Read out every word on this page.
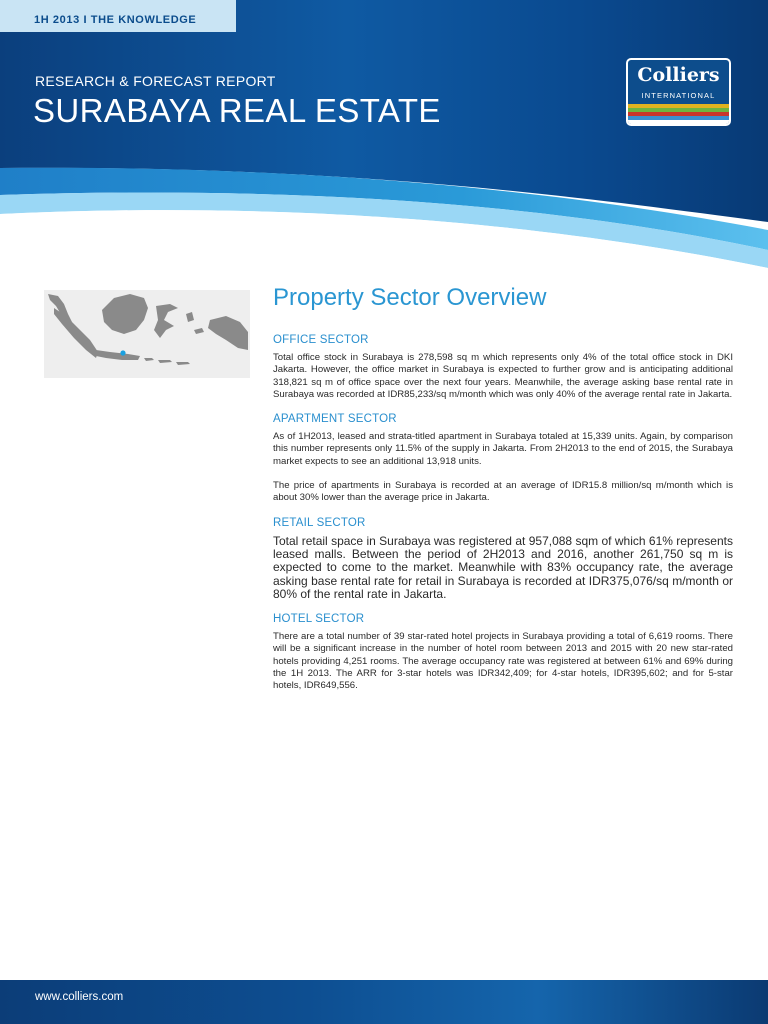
1H 2013 I THE KNOWLEDGE
RESEARCH & FORECAST REPORT
SURABAYA REAL ESTATE
Colliers
INTERNATIONAL
Property Sector Overview
OFFICE SECTOR

Total office stock in Surabaya is 278,598 sq m which represents only 4% of the total office stock in DKI Jakarta. However, the office market in Surabaya is expected to further grow and is anticipating additional 318,821 sq m of office space over the next four years. Meanwhile, the average asking base rental rate in Surabaya was recorded at IDR85,233/sq m/month which was only 40% of the average rental rate in Jakarta.

APARTMENT SECTOR

As of 1H2013, leased and strata-titled apartment in Surabaya totaled at 15,339 units. Again, by comparison this number represents only 11.5% of the supply in Jakarta. From 2H2013 to the end of 2015, the Surabaya market expects to see an additional 13,918 units.

The price of apartments in Surabaya is recorded at an average of IDR15.8 million/sq m/month which is about 30% lower than the average price in Jakarta.

RETAIL SECTOR

Total retail space in Surabaya was registered at 957,088 sqm of which 61% represents leased malls. Between the period of 2H2013 and 2016, another 261,750 sq m is expected to come to the market. Meanwhile with 83% occupancy rate, the average asking base rental rate for retail in Surabaya is recorded at IDR375,076/sq m/month or 80% of the rental rate in Jakarta.

HOTEL SECTOR

There are a total number of 39 star-rated hotel projects in Surabaya providing a total of 6,619 rooms. There will be a significant increase in the number of hotel room between 2013 and 2015 with 20 new star-rated hotels providing 4,251 rooms. The average occupancy rate was registered at between 61% and 69% during the 1H 2013. The ARR for 3-star hotels was IDR342,409; for 4-star hotels, IDR395,602; and for 5-star hotels, IDR649,556.

www.colliers.com
